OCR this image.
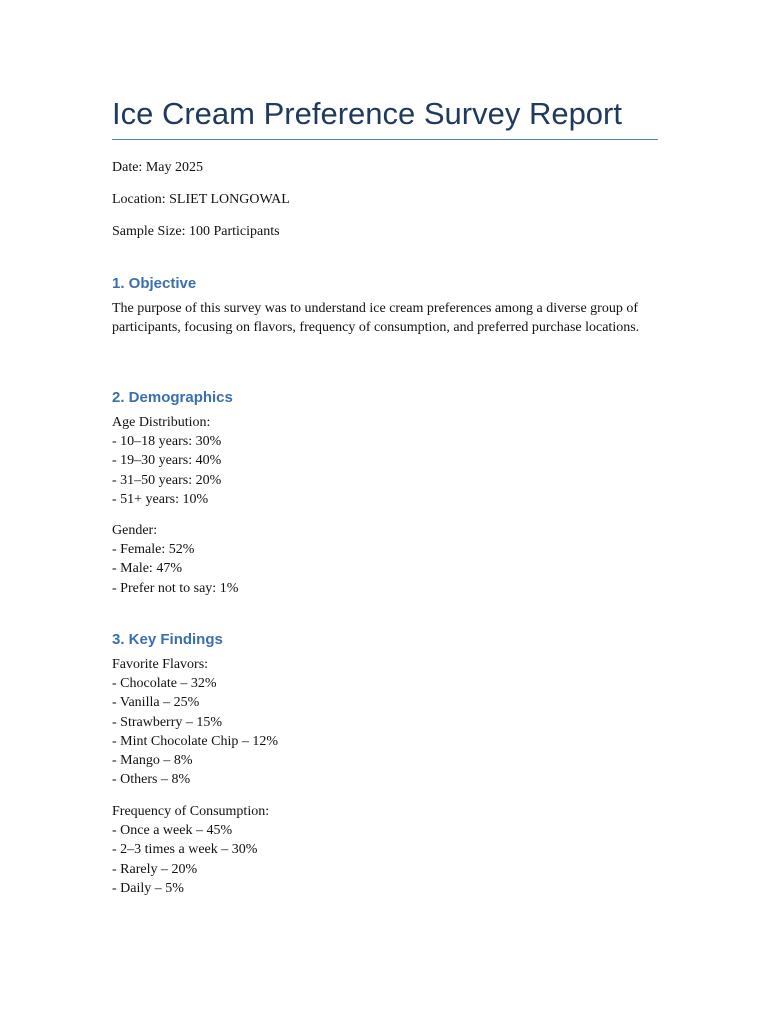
Ice Cream Preference Survey Report
Date: May 2025
Location: SLIET LONGOWAL
Sample Size: 100 Participants
1. Objective
The purpose of this survey was to understand ice cream preferences among a diverse group of participants, focusing on flavors, frequency of consumption, and preferred purchase locations.
2. Demographics
Age Distribution:
- 10–18 years: 30%
- 19–30 years: 40%
- 31–50 years: 20%
- 51+ years: 10%
Gender:
- Female: 52%
- Male: 47%
- Prefer not to say: 1%
3. Key Findings
Favorite Flavors:
- Chocolate – 32%
- Vanilla – 25%
- Strawberry – 15%
- Mint Chocolate Chip – 12%
- Mango – 8%
- Others – 8%
Frequency of Consumption:
- Once a week – 45%
- 2–3 times a week – 30%
- Rarely – 20%
- Daily – 5%
